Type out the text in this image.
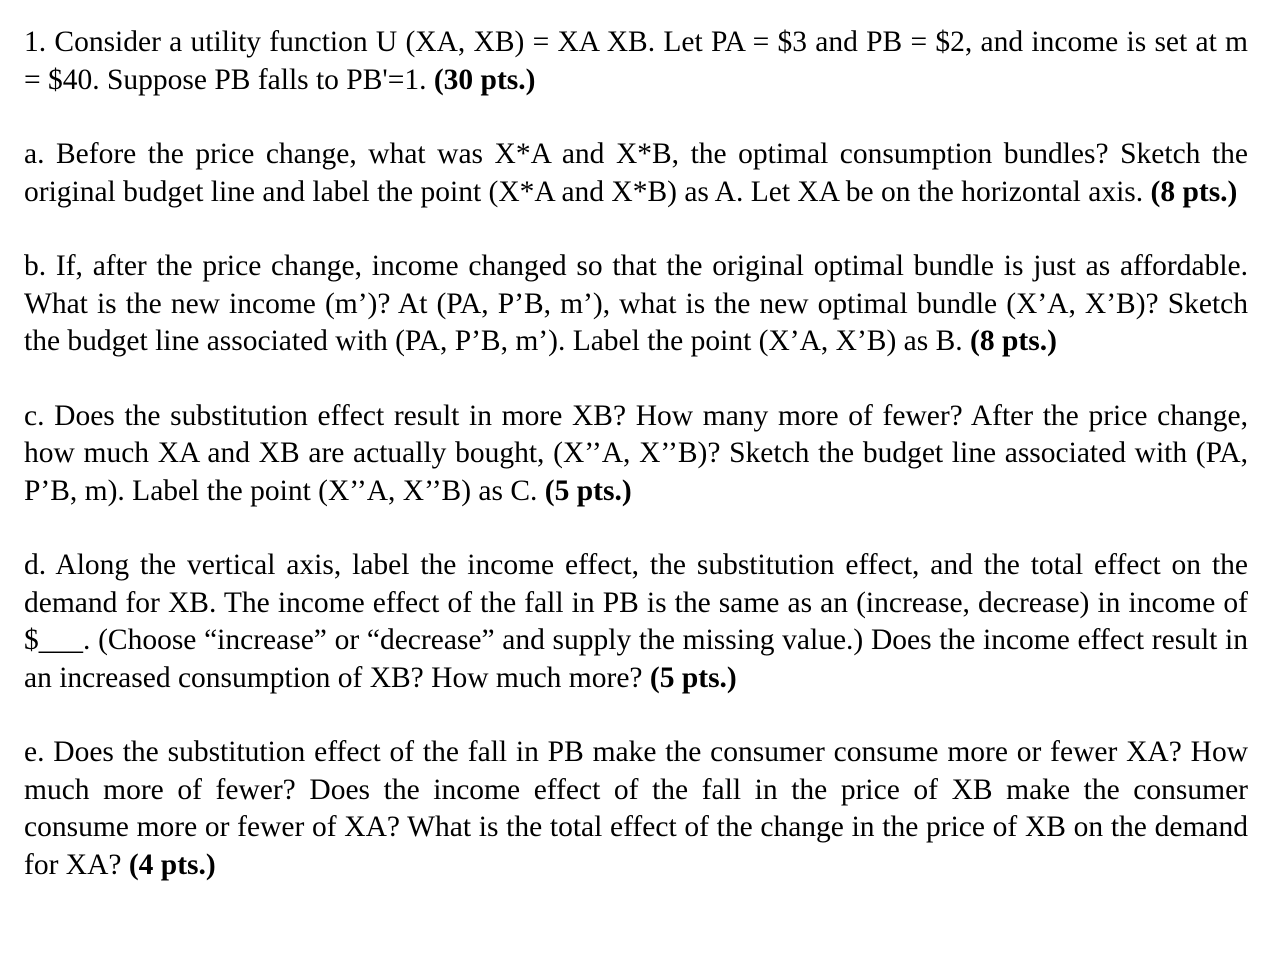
1. Consider a utility function U (XA, XB) = XA XB. Let PA = $3 and PB = $2, and income is set at m = $40. Suppose PB falls to PB'=1. (30 pts.)

a. Before the price change, what was X*A and X*B, the optimal consumption bundles? Sketch the original budget line and label the point (X*A and X*B) as A. Let XA be on the horizontal axis. (8 pts.)

b. If, after the price change, income changed so that the original optimal bundle is just as affordable. What is the new income (m’)? At (PA, P’B, m’), what is the new optimal bundle (X’A, X’B)? Sketch the budget line associated with (PA, P’B, m’). Label the point (X’A, X’B) as B. (8 pts.)

c. Does the substitution effect result in more XB? How many more of fewer? After the price change, how much XA and XB are actually bought, (X’’A, X’’B)? Sketch the budget line associated with (PA, P’B, m). Label the point (X’’A, X’’B) as C. (5 pts.)

d. Along the vertical axis, label the income effect, the substitution effect, and the total effect on the demand for XB. The income effect of the fall in PB is the same as an (increase, decrease) in income of $___. (Choose “increase” or “decrease” and supply the missing value.) Does the income effect result in an increased consumption of XB? How much more? (5 pts.)

e. Does the substitution effect of the fall in PB make the consumer consume more or fewer XA? How much more of fewer? Does the income effect of the fall in the price of XB make the consumer consume more or fewer of XA? What is the total effect of the change in the price of XB on the demand for XA? (4 pts.)
